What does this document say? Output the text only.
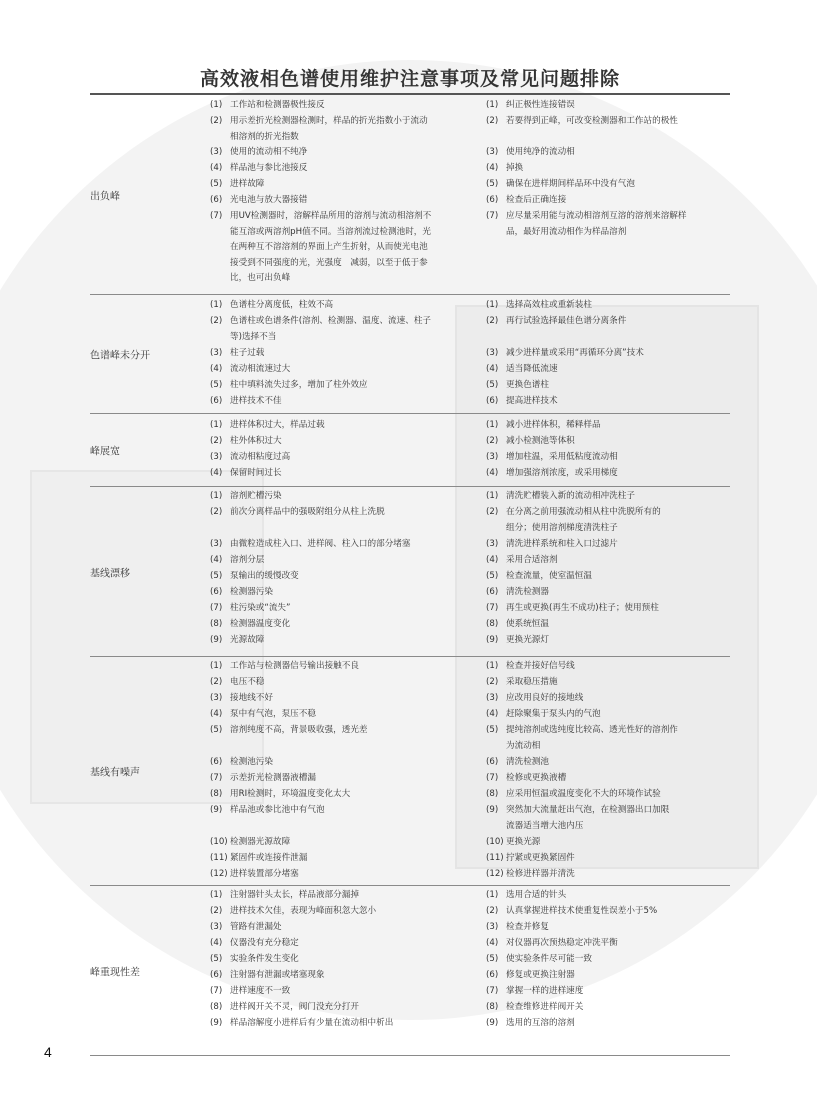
高效液相色谱使用维护注意事项及常见问题排除
出负峰
(1) 工作站和检测器极性接反
(2) 用示差折光检测器检测时，样品的折光指数小于流动
相溶剂的折光指数
(3) 使用的流动相不纯净
(4) 样品池与参比池接反
(5) 进样故障
(6) 光电池与放大器接错
(7) 用UV检测器时，溶解样品所用的溶剂与流动相溶剂不
能互溶或两溶剂pH值不同。当溶剂流过检测池时，光
在两种互不溶溶剂的界面上产生折射，从而使光电池
接受到不同强度的光，光强度　减弱，以至于低于参
比，也可出负峰
(1) 纠正极性连接错误
(2) 若要得到正峰，可改变检测器和工作站的极性
(3) 使用纯净的流动相
(4) 掉换
(5) 确保在进样期间样品环中没有气泡
(6) 检查后正确连接
(7) 应尽量采用能与流动相溶剂互溶的溶剂来溶解样
品，最好用流动相作为样品溶剂
色谱峰未分开
(1) 色谱柱分离度低，柱效不高
(2) 色谱柱或色谱条件(溶剂、检测器、温度、流速、柱子
等)选择不当
(3) 柱子过载
(4) 流动相流速过大
(5) 柱中填料流失过多，增加了柱外效应
(6) 进样技术不佳
(1) 选择高效柱或重新装柱
(2) 再行试验选择最佳色谱分离条件
(3) 减少进样量或采用“再循环分离”技术
(4) 适当降低流速
(5) 更换色谱柱
(6) 提高进样技术
峰展宽
(1) 进样体积过大，样品过载
(2) 柱外体积过大
(3) 流动相粘度过高
(4) 保留时间过长
(1) 减小进样体积，稀释样品
(2) 减小检测池等体积
(3) 增加柱温，采用低粘度流动相
(4) 增加强溶剂浓度，或采用梯度
基线漂移
(1) 溶剂贮槽污染
(2) 前次分离样品中的强吸附组分从柱上洗脱
(3) 由微粒造成柱入口、进样阀、柱入口的部分堵塞
(4) 溶剂分层
(5) 泵输出的缓慢改变
(6) 检测器污染
(7) 柱污染或“流失”
(8) 检测器温度变化
(9) 光源故障
(1) 清洗贮槽装入新的流动相冲洗柱子
(2) 在分离之前用强流动相从柱中洗脱所有的
组分；使用溶剂梯度清洗柱子
(3) 清洗进样系统和柱入口过滤片
(4) 采用合适溶剂
(5) 检查流量，使室温恒温
(6) 清洗检测器
(7) 再生或更换(再生不成功)柱子；使用预柱
(8) 使系统恒温
(9) 更换光源灯
基线有噪声
(1) 工作站与检测器信号输出接触不良
(2) 电压不稳
(3) 接地线不好
(4) 泵中有气泡，泵压不稳
(5) 溶剂纯度不高，背景吸收强，透光差
(6) 检测池污染
(7) 示差折光检测器液槽漏
(8) 用RI检测时，环境温度变化太大
(9) 样品池或参比池中有气泡
(10) 检测器光源故障
(11) 紧固件或连接件泄漏
(12) 进样装置部分堵塞
(1) 检查并接好信号线
(2) 采取稳压措施
(3) 应改用良好的接地线
(4) 赶除聚集于泵头内的气泡
(5) 提纯溶剂或选纯度比较高、透光性好的溶剂作
为流动相
(6) 清洗检测池
(7) 检修或更换液槽
(8) 应采用恒温或温度变化不大的环境作试验
(9) 突然加大流量赶出气泡，在检测器出口加限
流器适当增大池内压
(10) 更换光源
(11) 拧紧或更换紧固件
(12) 检修进样器并清洗
峰重现性差
(1) 注射器针头太长，样品液部分漏掉
(2) 进样技术欠佳，表现为峰面积忽大忽小
(3) 管路有泄漏处
(4) 仪器没有充分稳定
(5) 实验条件发生变化
(6) 注射器有泄漏或堵塞现象
(7) 进样速度不一致
(8) 进样阀开关不灵，阀门没充分打开
(9) 样品溶解度小进样后有少量在流动相中析出
(1) 选用合适的针头
(2) 认真掌握进样技术使重复性误差小于5%
(3) 检查并修复
(4) 对仪器再次预热稳定冲洗平衡
(5) 使实验条件尽可能一致
(6) 修复或更换注射器
(7) 掌握一样的进样速度
(8) 检查维修进样阀开关
(9) 选用的互溶的溶剂
4
